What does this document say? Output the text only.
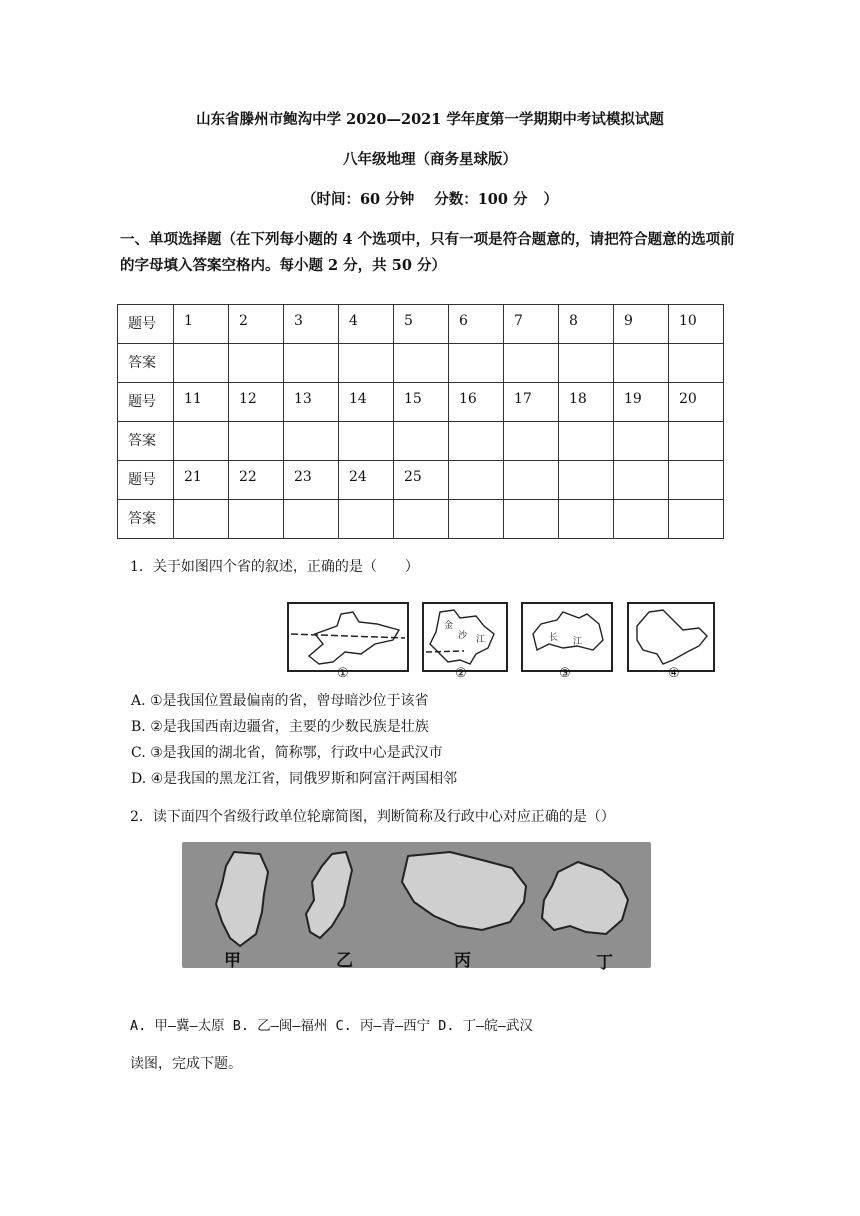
山东省滕州市鲍沟中学 2020—2021 学年度第一学期期中考试模拟试题
八年级地理（商务星球版）
（时间：60 分钟 分数：100 分 ）
一、单项选择题（在下列每小题的 4 个选项中，只有一项是符合题意的，请把符合题意的选项前的字母填入答案空格内。每小题 2 分，共 50 分）
题号	1	2	3	4	5	6	7	8	9	10
答案										
题号	11	12	13	14	15	16	17	18	19	20
答案										
题号	21	22	23	24	25					
答案										
1．关于如图四个省的叙述，正确的是（　　）
①
金
沙 江
②
长 江
③	④
A. ①是我国位置最偏南的省，曾母暗沙位于该省
B. ②是我国西南边疆省，主要的少数民族是壮族
C. ③是我国的湖北省，简称鄂，行政中心是武汉市
D. ④是我国的黑龙江省，同俄罗斯和阿富汗两国相邻
2．读下面四个省级行政单位轮廓简图，判断简称及行政中心对应正确的是（）
甲	乙	丙	丁
A. 甲—冀—太原 B. 乙—闽—福州 C. 丙—青—西宁 D. 丁—皖—武汉
读图，完成下题。
